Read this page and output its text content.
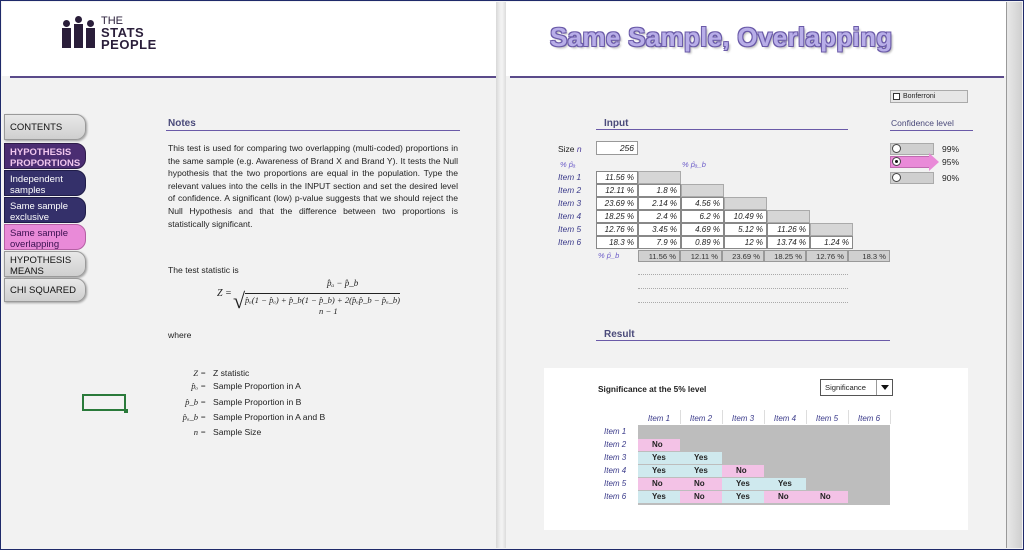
THE
STATS
PEOPLE	Same Sample, Overlapping
CONTENTS
HYPOTHESIS PROPORTIONS
Independent samples
Same sample exclusive
Same sample overlapping
HYPOTHESIS MEANS
CHI SQUARED
Notes
This test is used for comparing two overlapping (multi-coded) proportions in the same sample (e.g. Awareness of Brand X and Brand Y). It tests the Null hypothesis that the two proportions are equal in the population. Type the relevant values into the cells in the INPUT section and set the desired level of confidence. A significant (low) p-value suggests that we should reject the Null Hypothesis and that the difference between two proportions is statistically significant.
The test statistic is
Z =
p̂ₐ − p̂_b
√ p̂ₐ(1 − p̂ₐ) + p̂_b(1 − p̂_b) + 2(p̂ₐp̂_b − p̂ₐ_b)
n − 1
where
Z = Z statistic
p̂ₐ = Sample Proportion in A
p̂_b = Sample Proportion in B
p̂ₐ_b = Sample Proportion in A and B
n = Sample Size
Bonferroni
Confidence level
99%
95%
90%
Input
Size n	256
% p̂ₐ	% p̂ₐ_b
Item 1	11.56 %
Item 2	12.11 %	1.8 %
Item 3	23.69 %	2.14 %	4.56 %
Item 4	18.25 %	2.4 %	6.2 %	10.49 %
Item 5	12.76 %	3.45 %	4.69 %	5.12 %	11.26 %
Item 6	18.3 %	7.9 %	0.89 %	12 %	13.74 %	1.24 %
11.56 %	12.11 %	23.69 %	18.25 %	12.76 %	18.3 %
% p̂_b
Result
Significance at the 5% level	Significance
Item 1	Item 2	Item 3	Item 4	Item 5	Item 6
Item 1
Item 2	No
Item 3	Yes	Yes
Item 4	Yes	Yes	No
Item 5	No	No	Yes	Yes
Item 6	Yes	No	Yes	No	No
